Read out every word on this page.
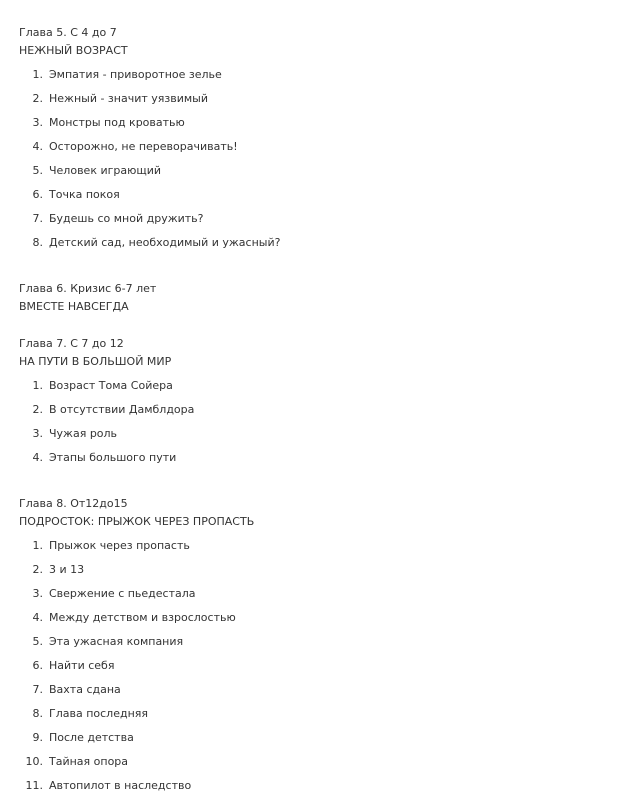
Глава 5. С 4 до 7
НЕЖНЫЙ ВОЗРАСТ
1. Эмпатия - приворотное зелье
2. Нежный - значит уязвимый
3. Монстры под кроватью
4. Осторожно, не переворачивать!
5. Человек играющий
6. Точка покоя
7. Будешь со мной дружить?
8. Детский сад, необходимый и ужасный?
Глава 6. Кризис 6-7 лет
ВМЕСТЕ НАВСЕГДА
Глава 7. С 7 до 12
НА ПУТИ В БОЛЬШОЙ МИР
1. Возраст Тома Сойера
2. В отсутствии Дамблдора
3. Чужая роль
4. Этапы большого пути
Глава 8. От12до15
ПОДРОСТОК: ПРЫЖОК ЧЕРЕЗ ПРОПАСТЬ
1. Прыжок через пропасть
2. 3 и 13
3. Свержение с пьедестала
4. Между детством и взрослостью
5. Эта ужасная компания
6. Найти себя
7. Вахта сдана
8. Глава последняя
9. После детства
10. Тайная опора
11. Автопилот в наследство
